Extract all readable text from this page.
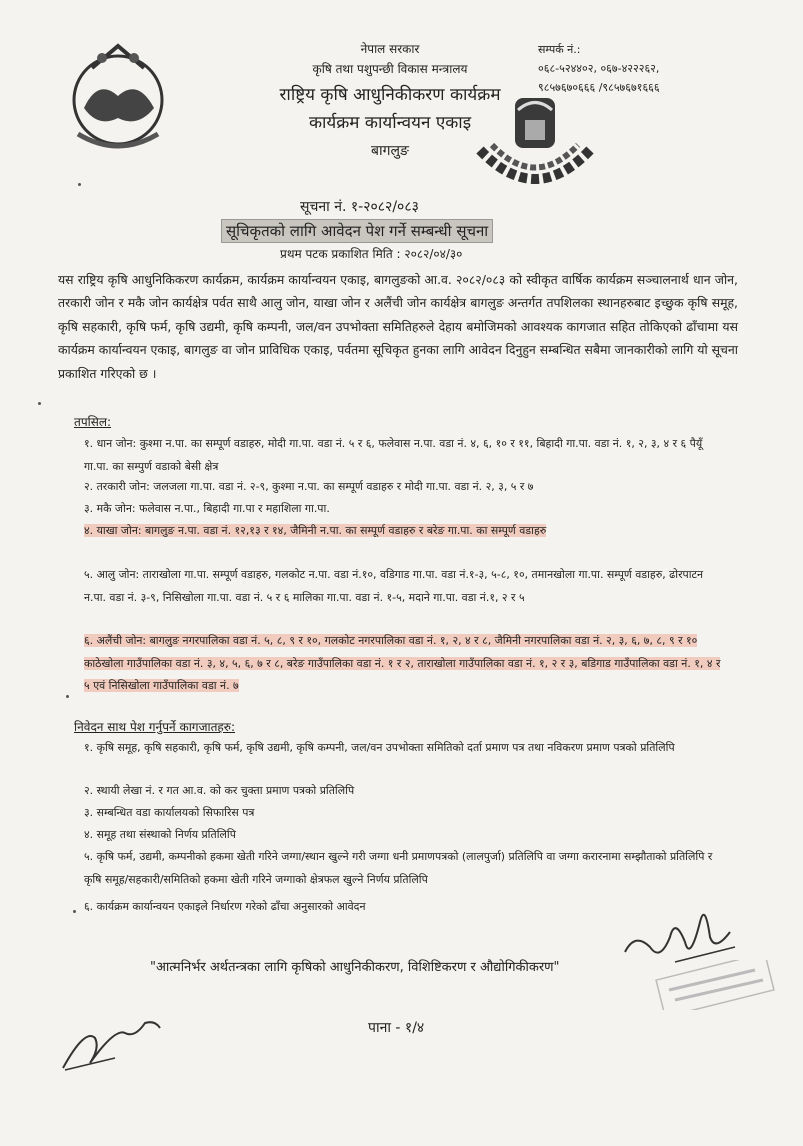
नेपाल सरकार
कृषि तथा पशुपन्छी विकास मन्त्रालय
राष्ट्रिय कृषि आधुनिकीकरण कार्यक्रम
कार्यक्रम कार्यान्वयन एकाइ
बागलुङ
सम्पर्क नं.:
०६८-५२४४०२, ०६७-४२२२६२,
९८५७६७०६६६ /९८५७६७१६६६
सूचना नं. १-२०८२/०८३
सूचिकृतको लागि आवेदन पेश गर्ने सम्बन्धी सूचना
प्रथम पटक प्रकाशित मिति : २०८२/०४/३०
यस राष्ट्रिय कृषि आधुनिकिकरण कार्यक्रम, कार्यक्रम कार्यान्वयन एकाइ, बागलुङको आ.व. २०८२/०८३ को स्वीकृत वार्षिक कार्यक्रम सञ्चालनार्थ धान जोन, तरकारी जोन र मकै जोन कार्यक्षेत्र पर्वत साथै आलु जोन, याखा जोन र अलैंची जोन कार्यक्षेत्र बागलुङ अन्तर्गत तपशिलका स्थानहरुबाट इच्छुक कृषि समूह, कृषि सहकारी, कृषि फर्म, कृषि उद्यमी, कृषि कम्पनी, जल/वन उपभोक्ता समितिहरुले देहाय बमोजिमको आवश्यक कागजात सहित तोकिएको ढाँचामा यस कार्यक्रम कार्यान्वयन एकाइ, बागलुङ वा जोन प्राविधिक एकाइ, पर्वतमा सूचिकृत हुनका लागि आवेदन दिनुहुन सम्बन्धित सबैमा जानकारीको लागि यो सूचना प्रकाशित गरिएको छ ।
तपसिल:
१. धान जोन: कुश्मा न.पा. का सम्पूर्ण वडाहरु, मोदी गा.पा. वडा नं. ५ र ६, फलेवास न.पा. वडा नं. ४, ६, १० र ११, बिहादी गा.पा. वडा नं. १, २, ३, ४ र ६ पैयूँ गा.पा. का सम्पुर्ण वडाको बेसी क्षेत्र
२. तरकारी जोन: जलजला गा.पा. वडा नं. २-९, कुश्मा न.पा. का सम्पूर्ण वडाहरु र मोदी गा.पा. वडा नं. २, ३, ५ र ७
३. मकै जोन: फलेवास न.पा., बिहादी गा.पा र महाशिला गा.पा.
४. याखा जोन: बागलुङ न.पा. वडा नं. १२,१३ र १४, जैमिनी न.पा. का सम्पूर्ण वडाहरु र बरेङ गा.पा. का सम्पूर्ण वडाहरु
५. आलु जोन: ताराखोला गा.पा. सम्पूर्ण वडाहरु, गलकोट न.पा. वडा नं.१०, वडिगाड गा.पा. वडा नं.१-३, ५-८, १०, तमानखोला गा.पा. सम्पूर्ण वडाहरु, ढोरपाटन न.पा. वडा नं. ३-९, निसिखोला गा.पा. वडा नं. ५ र ६ मालिका गा.पा. वडा नं. १-५, मदाने गा.पा. वडा नं.१, २ र ५
६. अलैंची जोन: बागलुङ नगरपालिका वडा नं. ५, ८, ९ र १०, गलकोट नगरपालिका वडा नं. १, २, ४ र ८, जैमिनी नगरपालिका वडा नं. २, ३, ६, ७, ८, ९ र १० काठेखोला गाउँपालिका वडा नं. ३, ४, ५, ६, ७ र ८, बरेङ गाउँपालिका वडा नं. १ र २, ताराखोला गाउँपालिका वडा नं. १, २ र ३, बडिगाड गाउँपालिका वडा नं. १, ४ र ५ एवं निसिखोला गाउँपालिका वडा नं. ७
निवेदन साथ पेश गर्नुपर्ने कागजातहरु:
१. कृषि समूह, कृषि सहकारी, कृषि फर्म, कृषि उद्यमी, कृषि कम्पनी, जल/वन उपभोक्ता समितिको दर्ता प्रमाण पत्र तथा नविकरण प्रमाण पत्रको प्रतिलिपि
२. स्थायी लेखा नं. र गत आ.व. को कर चुक्ता प्रमाण पत्रको प्रतिलिपि
३. सम्बन्धित वडा कार्यालयको सिफारिस पत्र
४. समूह तथा संस्थाको निर्णय प्रतिलिपि
५. कृषि फर्म, उद्यमी, कम्पनीको हकमा खेती गरिने जग्गा/स्थान खुल्ने गरी जग्गा धनी प्रमाणपत्रको (लालपुर्जा) प्रतिलिपि वा जग्गा करारनामा सम्झौताको प्रतिलिपि र कृषि समूह/सहकारी/समितिको हकमा खेती गरिने जग्गाको क्षेत्रफल खुल्ने निर्णय प्रतिलिपि
६. कार्यक्रम कार्यान्वयन एकाइले निर्धारण गरेको ढाँचा अनुसारको आवेदन
"आत्मनिर्भर अर्थतन्त्रका लागि कृषिको आधुनिकीकरण, विशिष्टिकरण र औद्योगिकीकरण"
पाना - १/४
